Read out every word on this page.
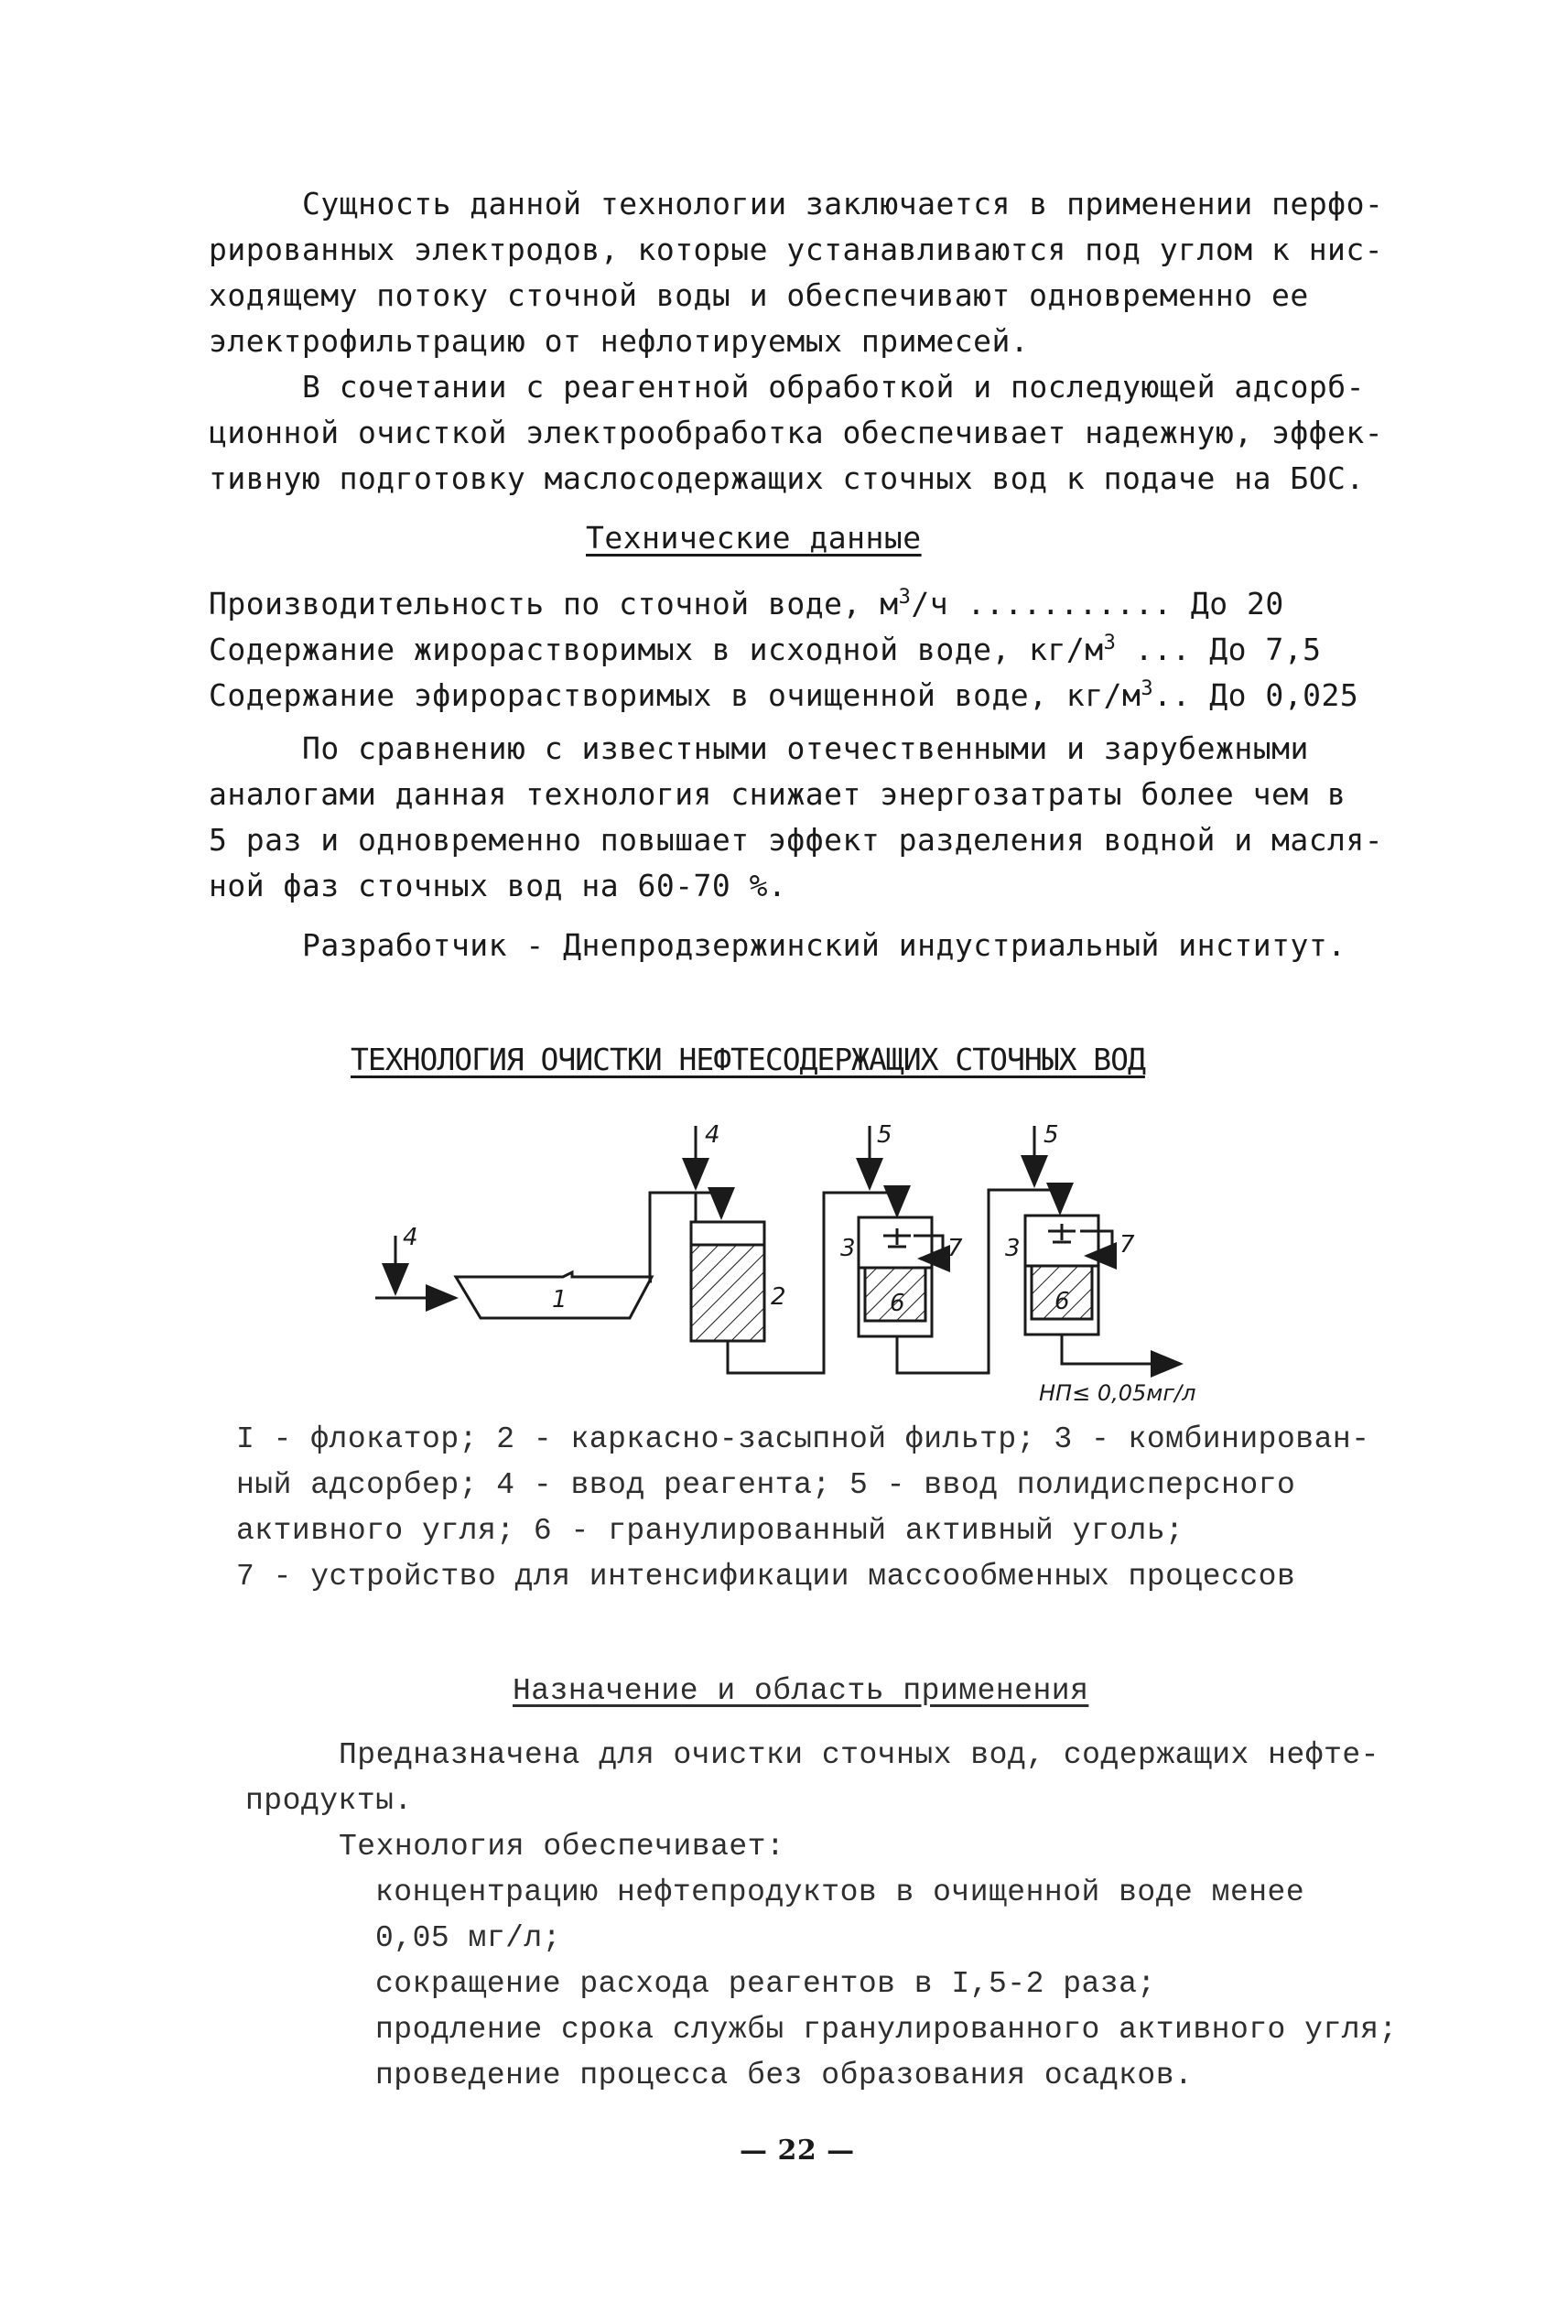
Сущность данной технологии заключается в применении перфо-
рированных электродов, которые устанавливаются под углом к нис-
ходящему потоку сточной воды и обеспечивают одновременно ее
электрофильтрацию от нефлотируемых примесей.
В сочетании с реагентной обработкой и последующей адсорб-
ционной очисткой электрообработка обеспечивает надежную, эффек-
тивную подготовку маслосодержащих сточных вод к подаче на БОС.
Технические данные
Производительность по сточной воде, $м^3/ч$ ........... До 20
Содержание жирорастворимых в исходной воде, $кг/м^3$ ... До 7,5
Содержание эфирорастворимых в очищенной воде, $кг/м^3$.. До 0,025
По сравнению с известными отечественными и зарубежными
аналогами данная технология снижает энергозатраты более чем в
5 раз и одновременно повышает эффект разделения водной и масля-
ной фаз сточных вод на 60-70 %.
Разработчик - Днепродзержинский индустриальный институт.
ТЕХНОЛОГИЯ ОЧИСТКИ НЕФТЕСОДЕРЖАЩИХ СТОЧНЫХ ВОД
1
4
4
2
5	5
3	3
7	7
6	6
НП≤ 0,05мг/л
I - флокатор; 2 - каркасно-засыпной фильтр; 3 - комбинирован-
ный адсорбер; 4 - ввод реагента; 5 - ввод полидисперсного
активного угля; 6 - гранулированный активный уголь;
7 - устройство для интенсификации массообменных процессов
Назначение и область применения
Предназначена для очистки сточных вод, содержащих нефте-
продукты.
Технология обеспечивает:
концентрацию нефтепродуктов в очищенной воде менее
0,05 мг/л;
сокращение расхода реагентов в I,5-2 раза;
продление срока службы гранулированного активного угля;
проведение процесса без образования осадков.
— 22 —
